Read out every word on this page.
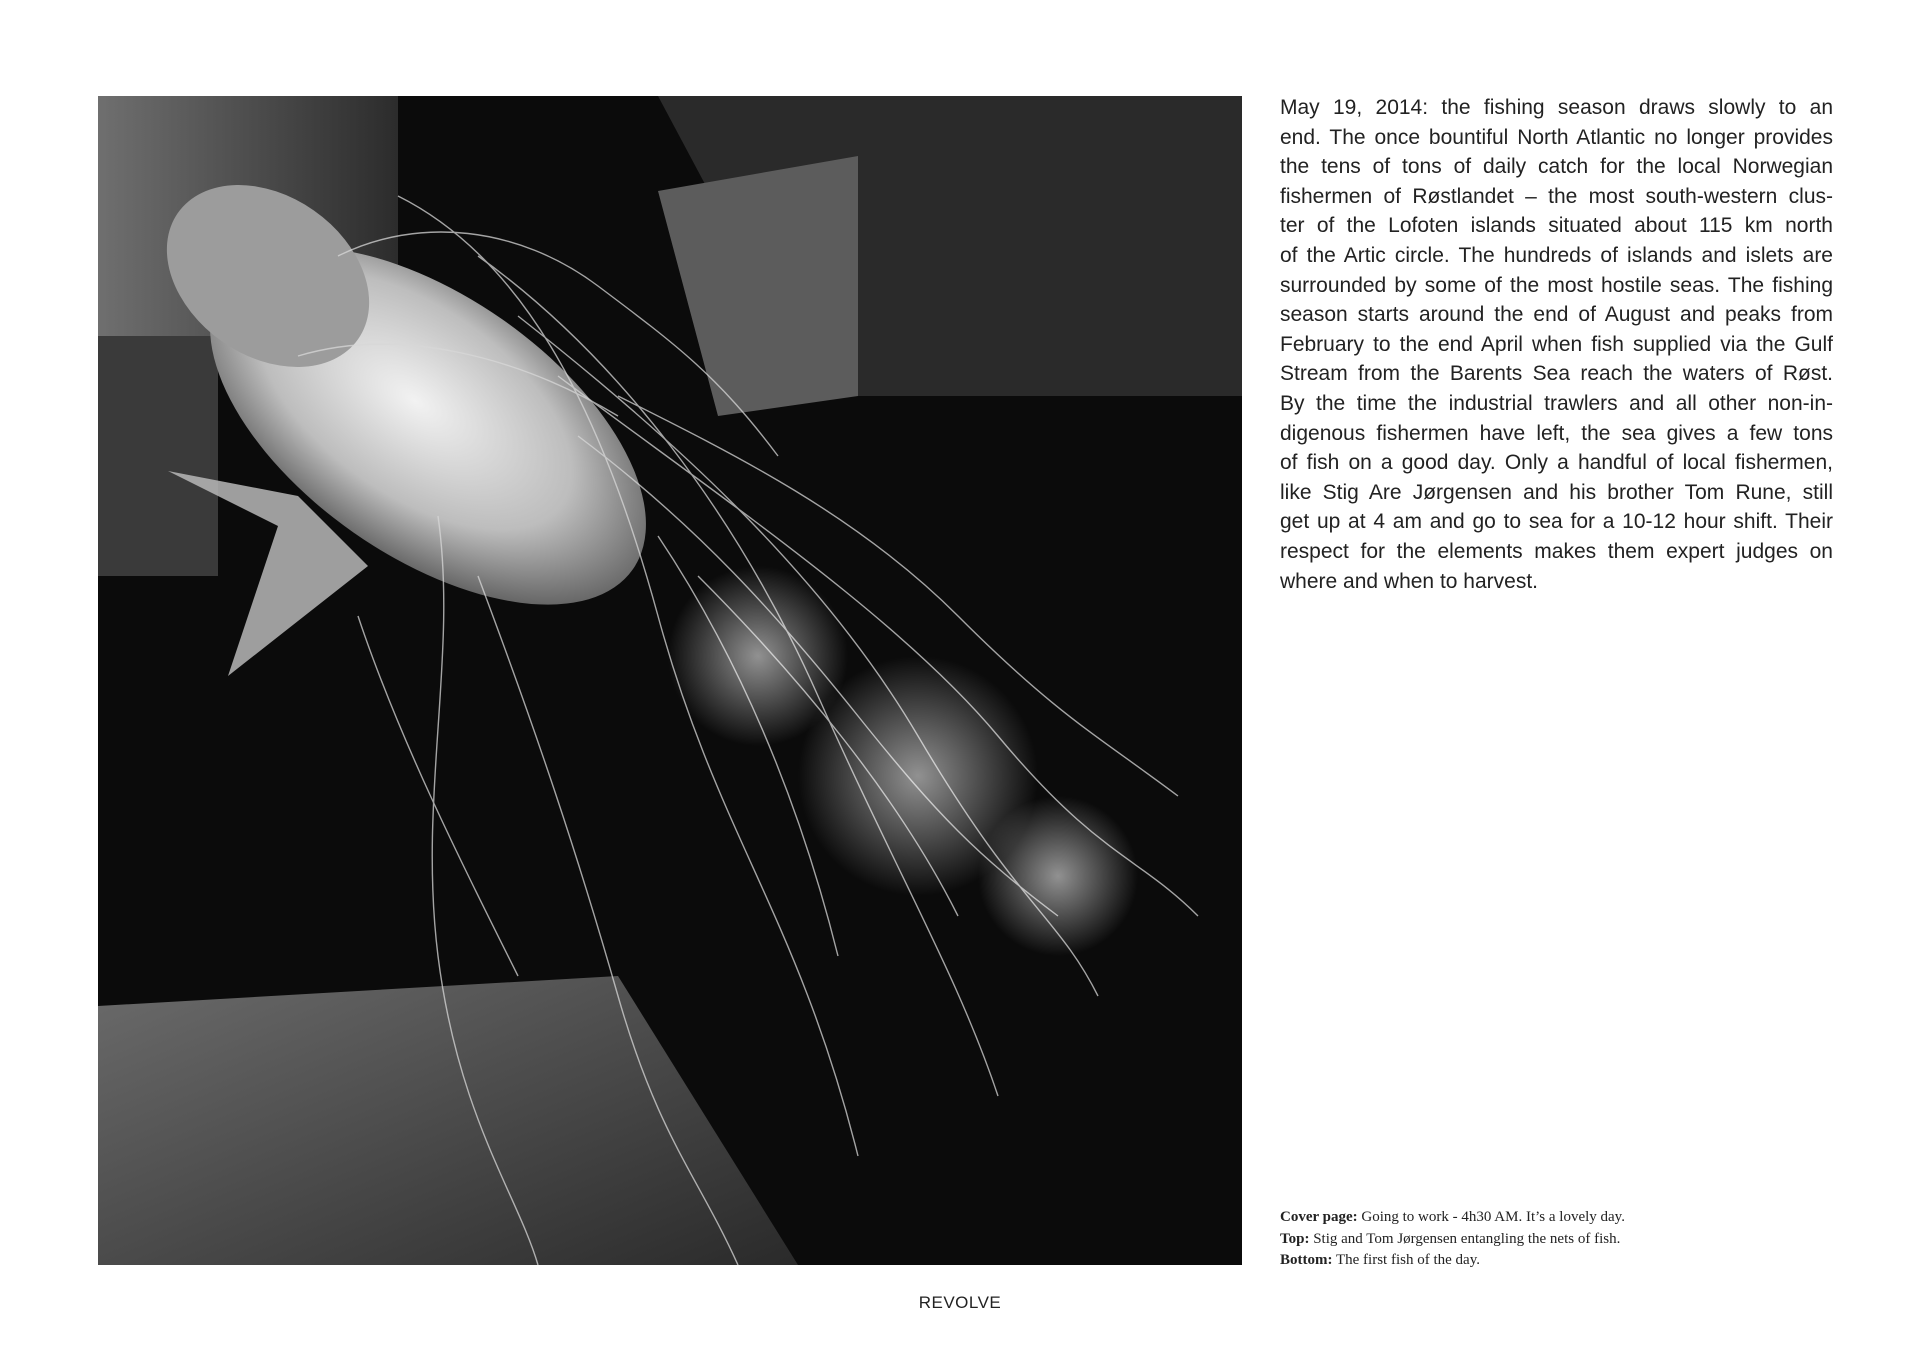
May 19, 2014: the fishing season draws slowly to an
end. The once bountiful North Atlantic no longer provides
the tens of tons of daily catch for the local Norwegian
fishermen of Røstlandet – the most south-western clus-
ter of the Lofoten islands situated about 115 km north
of the Artic circle. The hundreds of islands and islets are
surrounded by some of the most hostile seas. The fishing
season starts around the end of August and peaks from
February to the end April when fish supplied via the Gulf
Stream from the Barents Sea reach the waters of Røst.
By the time the industrial trawlers and all other non-in-
digenous fishermen have left, the sea gives a few tons
of fish on a good day. Only a handful of local fishermen,
like Stig Are Jørgensen and his brother Tom Rune, still
get up at 4 am and go to sea for a 10-12 hour shift. Their
respect for the elements makes them expert judges on
where and when to harvest.

Cover page: Going to work - 4h30 AM. It’s a lovely day.
Top: Stig and Tom Jørgensen entangling the nets of fish.
Bottom: The first fish of the day.
REVOLVE
